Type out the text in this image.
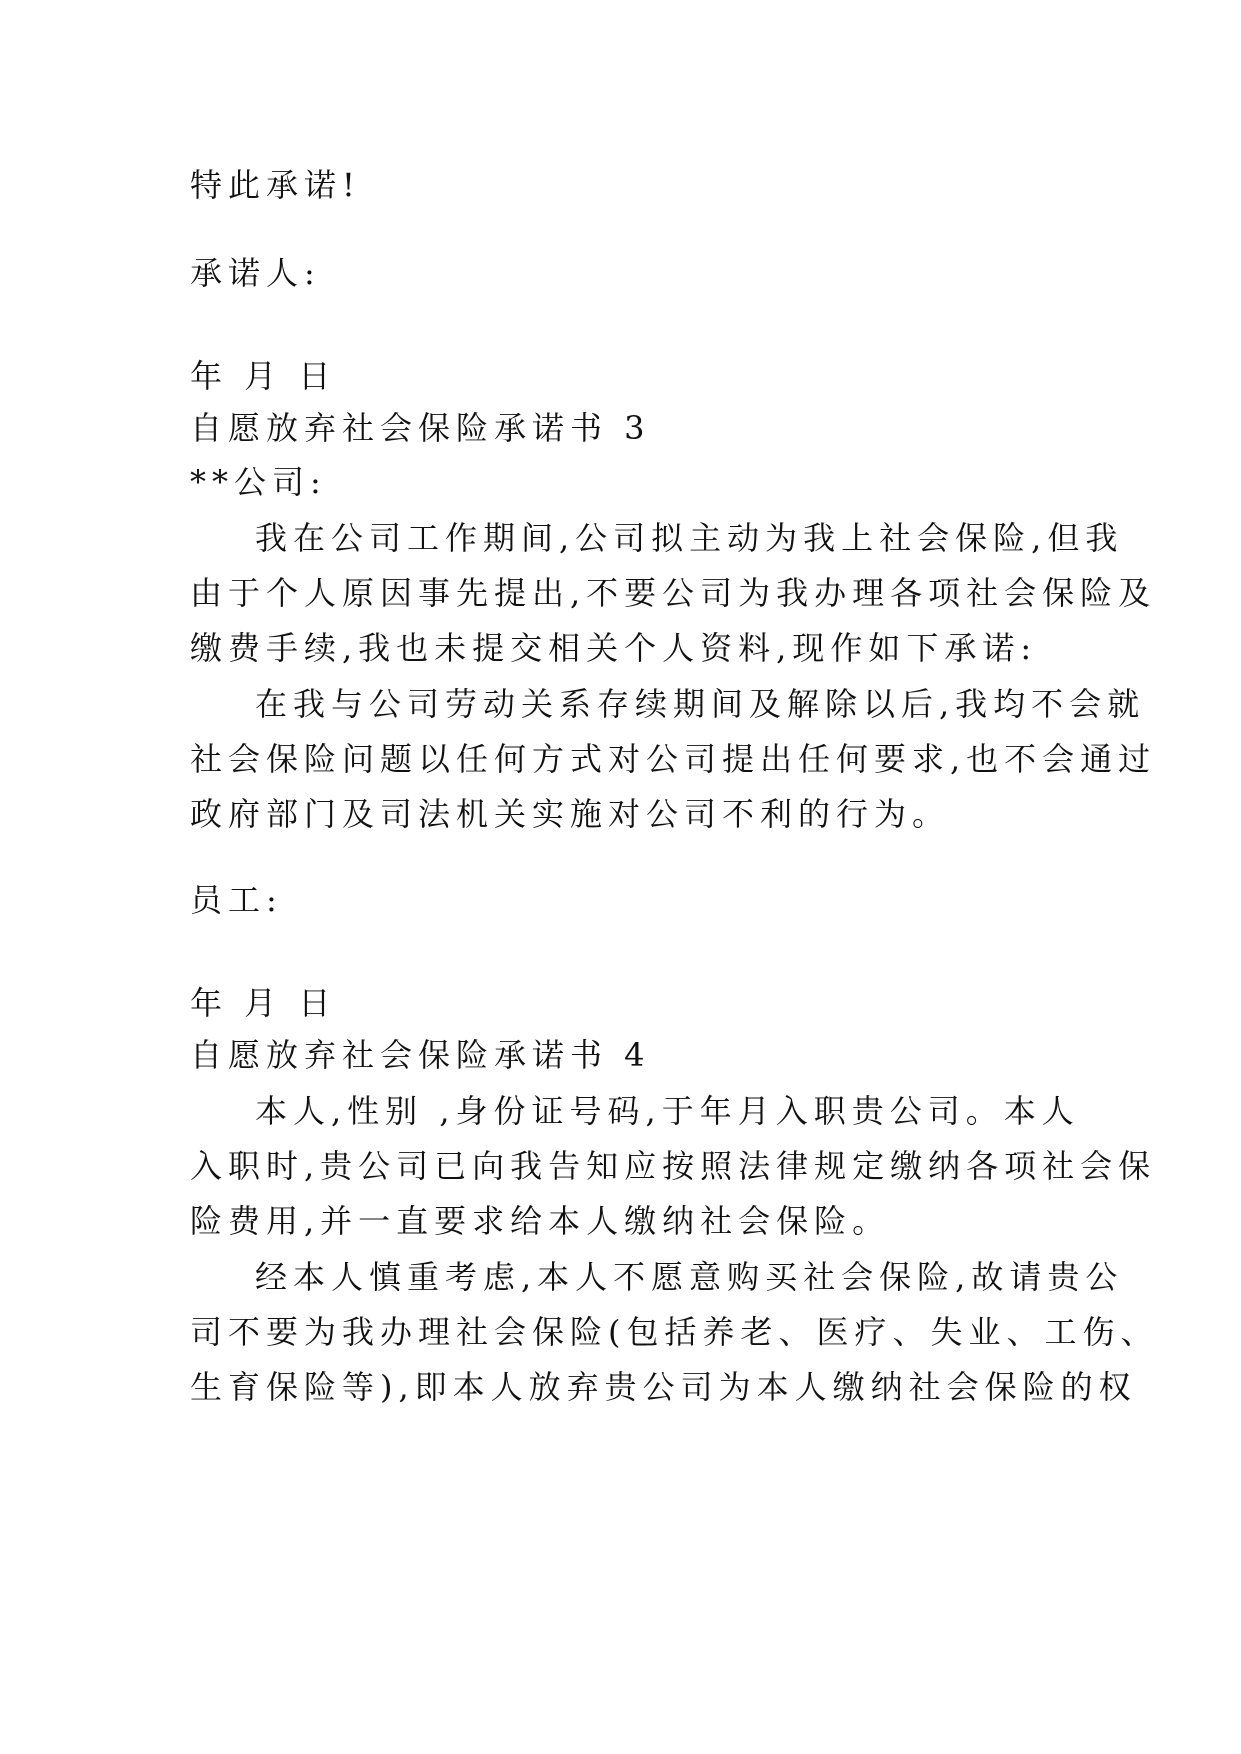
特此承诺!
承诺人:
年 月 日
自愿放弃社会保险承诺书 3
**公司:
我在公司工作期间,公司拟主动为我上社会保险,但我
由于个人原因事先提出,不要公司为我办理各项社会保险及
缴费手续,我也未提交相关个人资料,现作如下承诺:
在我与公司劳动关系存续期间及解除以后,我均不会就
社会保险问题以任何方式对公司提出任何要求,也不会通过
政府部门及司法机关实施对公司不利的行为。
员工:
年 月 日
自愿放弃社会保险承诺书 4
本人,性别 ,身份证号码,于年月入职贵公司。本人
入职时,贵公司已向我告知应按照法律规定缴纳各项社会保
险费用,并一直要求给本人缴纳社会保险。
经本人慎重考虑,本人不愿意购买社会保险,故请贵公
司不要为我办理社会保险(包括养老、医疗、失业、工伤、
生育保险等),即本人放弃贵公司为本人缴纳社会保险的权
